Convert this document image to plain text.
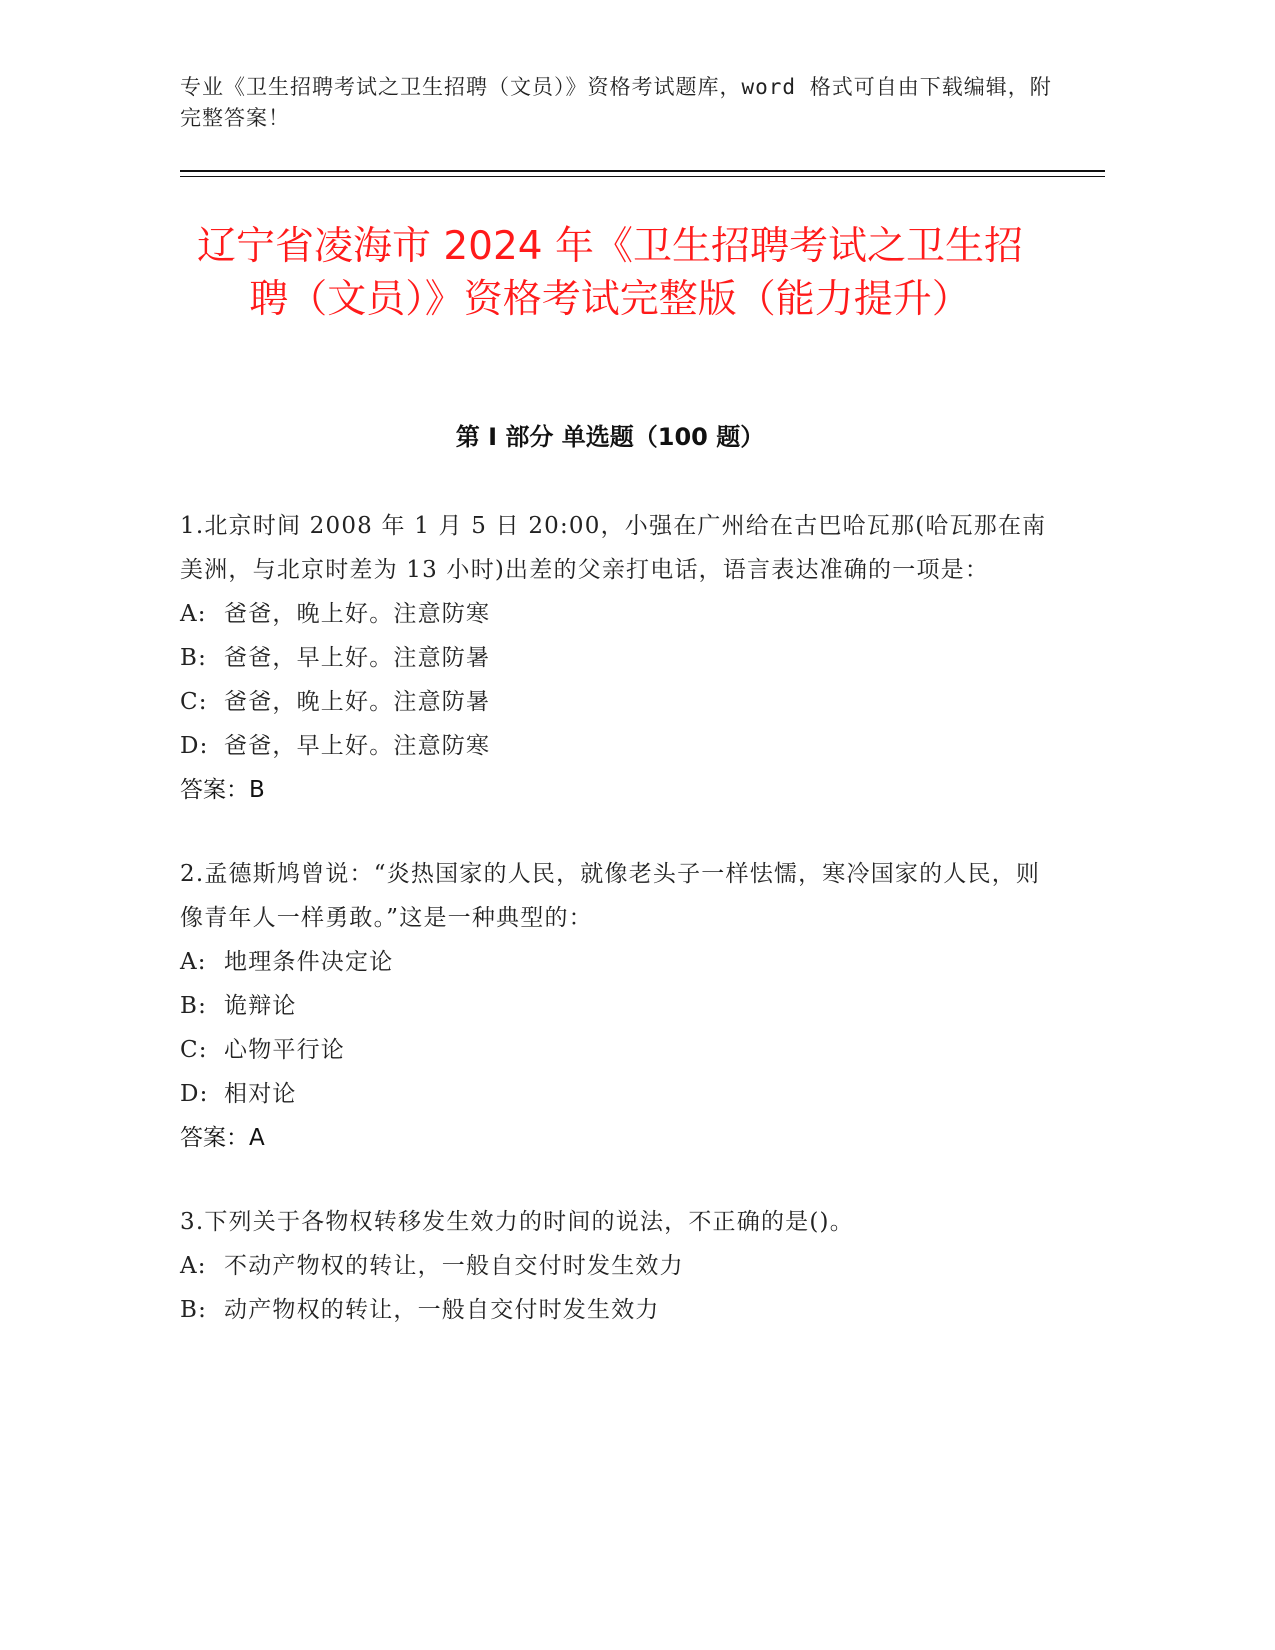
专业《卫生招聘考试之卫生招聘（文员）》资格考试题库，word 格式可自由下载编辑，附完整答案！
辽宁省凌海市 2024 年《卫生招聘考试之卫生招聘（文员）》资格考试完整版（能力提升）
第 I 部分 单选题（100 题）
1.北京时间 2008 年 1 月 5 日 20:00，小强在广州给在古巴哈瓦那(哈瓦那在南美洲，与北京时差为 13 小时)出差的父亲打电话，语言表达准确的一项是：
A: 爸爸，晚上好。注意防寒
B: 爸爸，早上好。注意防暑
C: 爸爸，晚上好。注意防暑
D: 爸爸，早上好。注意防寒
答案：B
2.孟德斯鸠曾说：“炎热国家的人民，就像老头子一样怯懦，寒冷国家的人民，则像青年人一样勇敢。”这是一种典型的：
A: 地理条件决定论
B: 诡辩论
C: 心物平行论
D: 相对论
答案：A
3.下列关于各物权转移发生效力的时间的说法，不正确的是()。
A: 不动产物权的转让，一般自交付时发生效力
B: 动产物权的转让，一般自交付时发生效力
